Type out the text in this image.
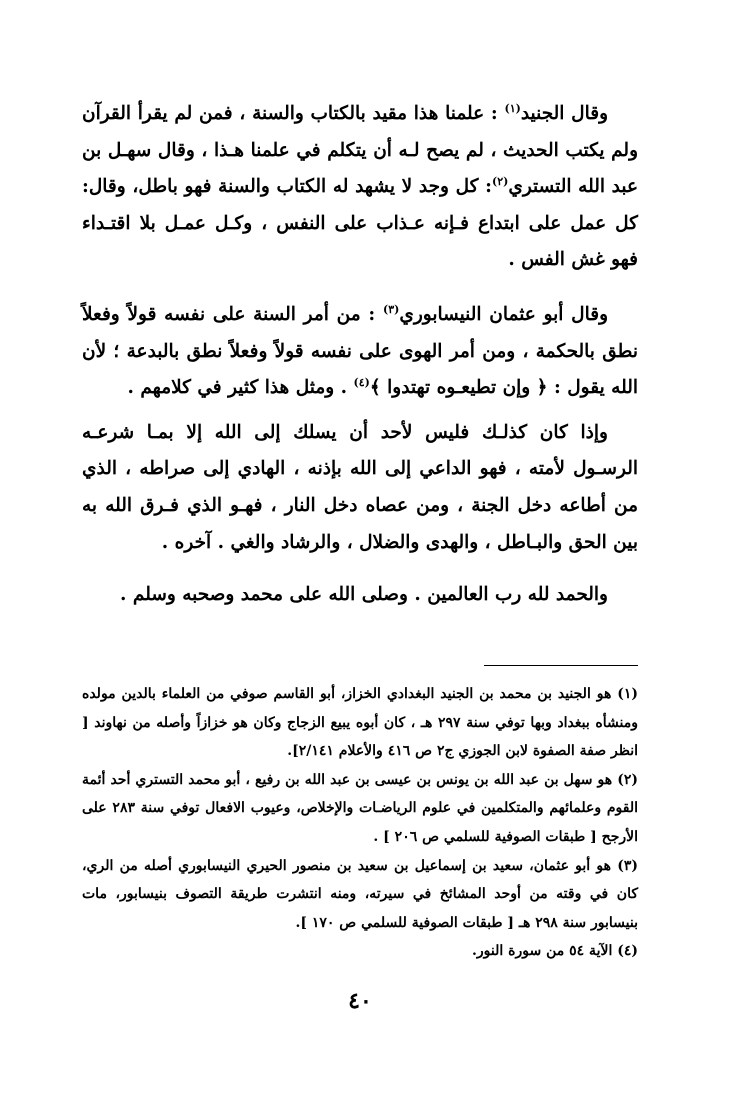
وقال الجنيد$^{(١)}$ : علمنا هذا مقيد بالكتاب والسنة ، فمن لم يقرأ القرآن ولم يكتب الحديث ، لم يصح لـه أن يتكلم في علمنا هـذا ، وقال سهـل بن عبد الله التستري$^{(٢)}$: كل وجد لا يشهد له الكتاب والسنة فهو باطل، وقال: كل عمل على ابتداع فـإنه عـذاب على النفس ، وكـل عمـل بلا اقتـداء فهو غش الفس .

وقال أبو عثمان النيسابوري$^{(٣)}$ : من أمر السنة على نفسه قولاً وفعلاً نطق بالحكمة ، ومن أمر الهوى على نفسه قولاً وفعلاً نطق بالبدعة ؛ لأن الله يقول : ﴿ وإن تطيعـوه تهتدوا ﴾$^{(٤)}$ . ومثل هذا كثير في كلامهم .

وإذا كان كذلـك فليس لأحد أن يسلك إلى الله إلا بمـا شرعـه الرسـول لأمته ، فهو الداعي إلى الله بإذنه ، الهادي إلى صراطه ، الذي من أطاعه دخل الجنة ، ومن عصاه دخل النار ، فهـو الذي فـرق الله به بين الحق والبـاطل ، والهدى والضلال ، والرشاد والغي . آخره .

والحمد لله رب العالمين . وصلى الله على محمد وصحبه وسلم .

(١) هو الجنيد بن محمد بن الجنيد البغدادي الخزاز، أبو القاسم صوفي من العلماء بالدين مولده ومنشأه ببغداد وبها توفي سنة ٢٩٧ هـ ، كان أبوه يبيع الزجاج وكان هو خزازاً وأصله من نهاوند [ انظر صفة الصفوة لابن الجوزي ج٢ ص ٤١٦ والأعلام ٢/١٤١].

(٢) هو سهل بن عبد الله بن يونس بن عيسى بن عبد الله بن رفيع ، أبو محمد التستري أحد أئمة القوم وعلمائهم والمتكلمين في علوم الرياضـات والإخلاص، وعيوب الافعال توفي سنة ٢٨٣ على الأرجح [ طبقات الصوفية للسلمي ص ٢٠٦ ] .

(٣) هو أبو عثمان، سعيد بن إسماعيل بن سعيد بن منصور الحيري النيسابوري أصله من الري، كان في وقته من أوحد المشائخ في سيرته، ومنه انتشرت طريقة التصوف بنيسابور، مات بنيسابور سنة ٢٩٨ هـ [ طبقات الصوفية للسلمي ص ١٧٠ ].

(٤) الآية ٥٤ من سورة النور.

٤٠
